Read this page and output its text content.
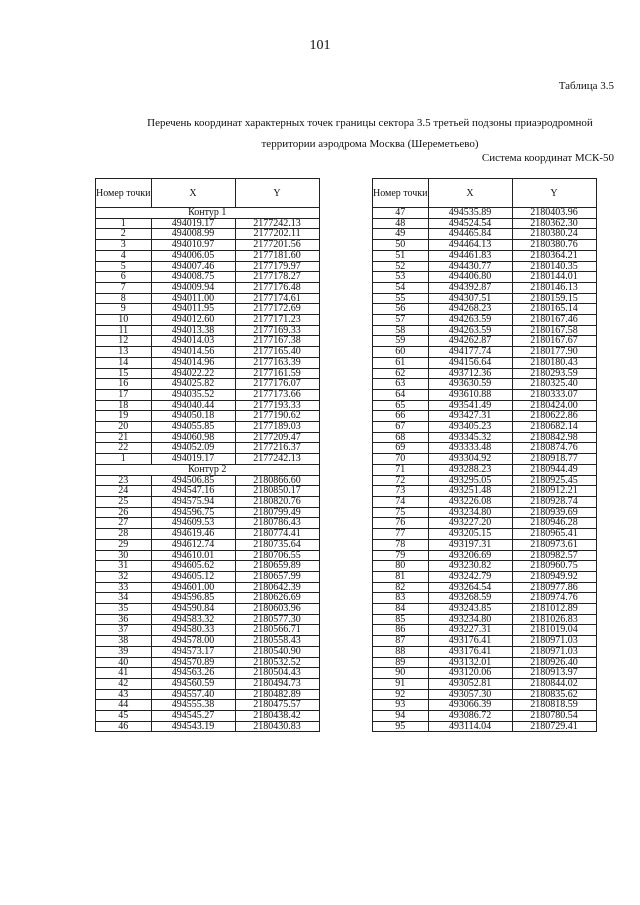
101
Таблица 3.5
Перечень координат характерных точек границы сектора 3.5 третьей подзоны приаэродромной
территории аэродрома Москва (Шереметьево)
Система координат МСК-50
Номер точки	X	Y
Контур 1		
1	494019.17	2177242.13
2	494008.99	2177202.11
3	494010.97	2177201.56
4	494006.05	2177181.60
5	494007.46	2177179.97
6	494008.75	2177178.27
7	494009.94	2177176.48
8	494011.00	2177174.61
9	494011.95	2177172.69
10	494012.60	2177171.23
11	494013.38	2177169.33
12	494014.03	2177167.38
13	494014.56	2177165.40
14	494014.96	2177163.39
15	494022.22	2177161.59
16	494025.82	2177176.07
17	494035.52	2177173.66
18	494040.44	2177193.33
19	494050.18	2177190.62
20	494055.85	2177189.03
21	494060.98	2177209.47
22	494052.09	2177216.37
1	494019.17	2177242.13
Контур 2		
23	494506.85	2180866.60
24	494547.16	2180850.17
25	494575.94	2180820.76
26	494596.75	2180799.49
27	494609.53	2180786.43
28	494619.46	2180774.41
29	494612.74	2180735.64
30	494610.01	2180706.55
31	494605.62	2180659.89
32	494605.12	2180657.99
33	494601.00	2180642.39
34	494596.85	2180626.69
35	494590.84	2180603.96
36	494583.32	2180577.30
37	494580.33	2180566.71
38	494578.00	2180558.43
39	494573.17	2180540.90
40	494570.89	2180532.52
41	494563.26	2180504.43
42	494560.59	2180494.73
43	494557.40	2180482.89
44	494555.38	2180475.57
45	494545.27	2180438.42
46	494543.19	2180430.83
Номер точки	X	Y
47	494535.89	2180403.96
48	494524.54	2180362.30
49	494465.84	2180380.24
50	494464.13	2180380.76
51	494461.83	2180364.21
52	494430.77	2180140.35
53	494406.80	2180144.01
54	494392.87	2180146.13
55	494307.51	2180159.15
56	494268.23	2180165.14
57	494263.59	2180167.46
58	494263.59	2180167.58
59	494262.87	2180167.67
60	494177.74	2180177.90
61	494156.64	2180180.43
62	493712.36	2180293.59
63	493630.59	2180325.40
64	493610.88	2180333.07
65	493541.49	2180424.00
66	493427.31	2180622.86
67	493405.23	2180682.14
68	493345.32	2180842.98
69	493333.48	2180874.76
70	493304.92	2180918.77
71	493288.23	2180944.49
72	493295.05	2180925.45
73	493251.48	2180912.21
74	493226.08	2180928.74
75	493234.80	2180939.69
76	493227.20	2180946.28
77	493205.15	2180965.41
78	493197.31	2180973.61
79	493206.69	2180982.57
80	493230.82	2180960.75
81	493242.79	2180949.92
82	493264.54	2180977.86
83	493268.59	2180974.76
84	493243.85	2181012.89
85	493234.80	2181026.83
86	493227.31	2181019.04
87	493176.41	2180971.03
88	493176.41	2180971.03
89	493132.01	2180926.40
90	493120.06	2180913.97
91	493052.81	2180844.02
92	493057.30	2180835.62
93	493066.39	2180818.59
94	493086.72	2180780.54
95	493114.04	2180729.41
